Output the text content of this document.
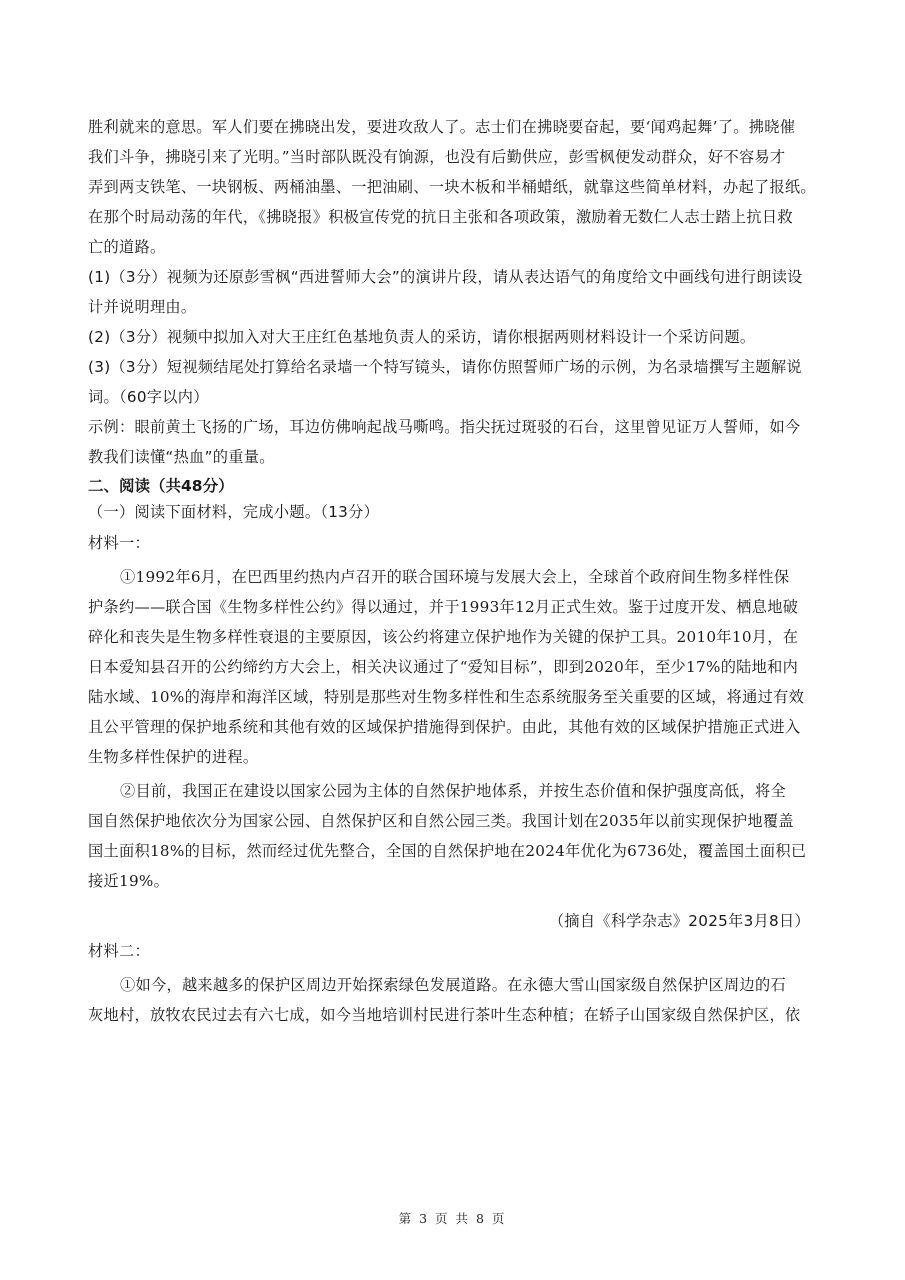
胜利就来的意思。军人们要在拂晓出发，要进攻敌人了。志士们在拂晓要奋起，要‘闻鸡起舞’了。拂晓催
我们斗争，拂晓引来了光明。”当时部队既没有饷源，也没有后勤供应，彭雪枫便发动群众，好不容易才
弄到两支铁笔、一块钢板、两桶油墨、一把油刷、一块木板和半桶蜡纸，就靠这些简单材料，办起了报纸。
在那个时局动荡的年代，《拂晓报》积极宣传党的抗日主张和各项政策，激励着无数仁人志士踏上抗日救
亡的道路。
(1)（3分）视频为还原彭雪枫“西进誓师大会”的演讲片段，请从表达语气的角度给文中画线句进行朗读设
计并说明理由。
(2)（3分）视频中拟加入对大王庄红色基地负责人的采访，请你根据两则材料设计一个采访问题。
(3)（3分）短视频结尾处打算给名录墙一个特写镜头，请你仿照誓师广场的示例，为名录墙撰写主题解说
词。（60字以内）
示例：眼前黄土飞扬的广场，耳边仿佛响起战马嘶鸣。指尖抚过斑驳的石台，这里曾见证万人誓师，如今
教我们读懂“热血”的重量。
二、阅读（共48分）
（一）阅读下面材料，完成小题。（13分）
材料一：
①1992年6月，在巴西里约热内卢召开的联合国环境与发展大会上，全球首个政府间生物多样性保
护条约——联合国《生物多样性公约》得以通过，并于1993年12月正式生效。鉴于过度开发、栖息地破
碎化和丧失是生物多样性衰退的主要原因，该公约将建立保护地作为关键的保护工具。2010年10月，在
日本爱知县召开的公约缔约方大会上，相关决议通过了“爱知目标”，即到2020年，至少17%的陆地和内
陆水域、10%的海岸和海洋区域，特别是那些对生物多样性和生态系统服务至关重要的区域，将通过有效
且公平管理的保护地系统和其他有效的区域保护措施得到保护。由此，其他有效的区域保护措施正式进入
生物多样性保护的进程。
②目前，我国正在建设以国家公园为主体的自然保护地体系，并按生态价值和保护强度高低，将全
国自然保护地依次分为国家公园、自然保护区和自然公园三类。我国计划在2035年以前实现保护地覆盖
国土面积18%的目标，然而经过优先整合，全国的自然保护地在2024年优化为6736处，覆盖国土面积已
接近19%。
（摘自《科学杂志》2025年3月8日）
材料二：
①如今，越来越多的保护区周边开始探索绿色发展道路。在永德大雪山国家级自然保护区周边的石
灰地村，放牧农民过去有六七成，如今当地培训村民进行茶叶生态种植；在轿子山国家级自然保护区，依
第 3 页 共 8 页
